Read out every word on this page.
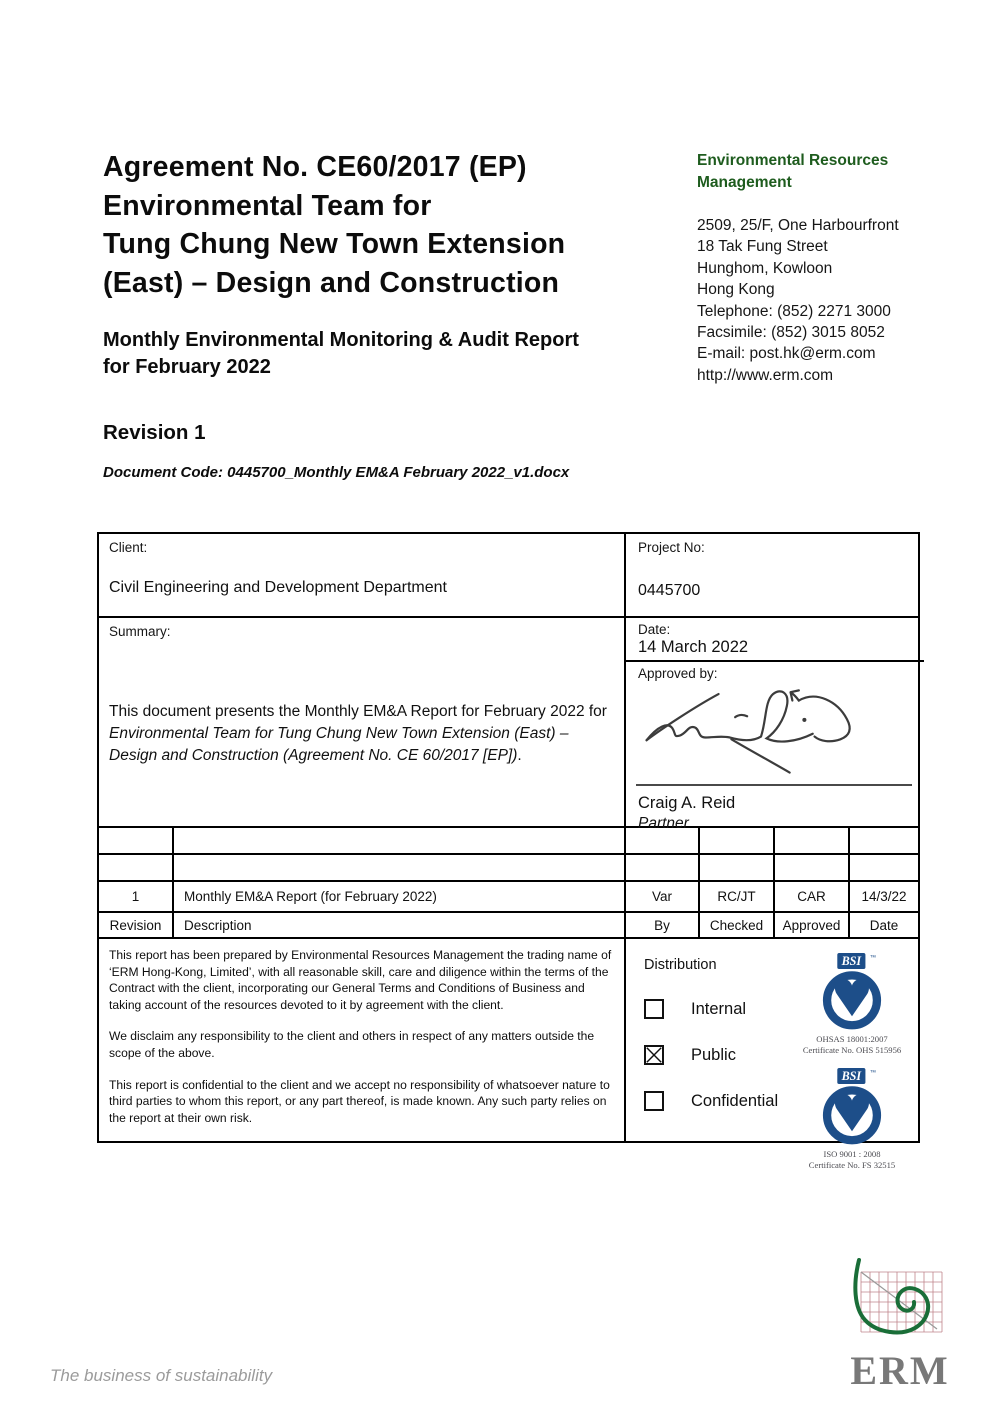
Agreement No. CE60/2017 (EP)
Environmental Team for
Tung Chung New Town Extension
(East) – Design and Construction
Monthly Environmental Monitoring & Audit Report
for February 2022
Revision 1
Document Code: 0445700_Monthly EM&A February 2022_v1.docx
Environmental Resources
Management
2509, 25/F, One Harbourfront
18 Tak Fung Street
Hunghom, Kowloon
Hong Kong
Telephone: (852) 2271 3000
Facsimile: (852) 3015 8052
E-mail: post.hk@erm.com
http://www.erm.com
Client:
Civil Engineering and Development Department
Project No:
0445700
Summary:
This document presents the Monthly EM&A Report for February 2022 for Environmental Team for Tung Chung New Town Extension (East) – Design and Construction (Agreement No. CE 60/2017 [EP]).
Date:
14 March 2022
Approved by:
Craig A. Reid
Partner
1	Monthly EM&A Report (for February 2022)	Var	RC/JT	CAR	14/3/22
Revision	Description	By	Checked	Approved	Date

This report has been prepared by Environmental Resources Management the trading name of ‘ERM Hong-Kong, Limited’, with all reasonable skill, care and diligence within the terms of the Contract with the client, incorporating our General Terms and Conditions of Business and taking account of the resources devoted to it by agreement with the client.

We disclaim any responsibility to the client and others in respect of any matters outside the scope of the above.

This report is confidential to the client and we accept no responsibility of whatsoever nature to third parties to whom this report, or any part thereof, is made known. Any such party relies on the report at their own risk.

Distribution
Internal
Public
Confidential
BSI ™
OHSAS 18001:2007
Certificate No. OHS 515956
BSI ™
ISO 9001 : 2008
Certificate No. FS 32515
ERM
The business of sustainability
